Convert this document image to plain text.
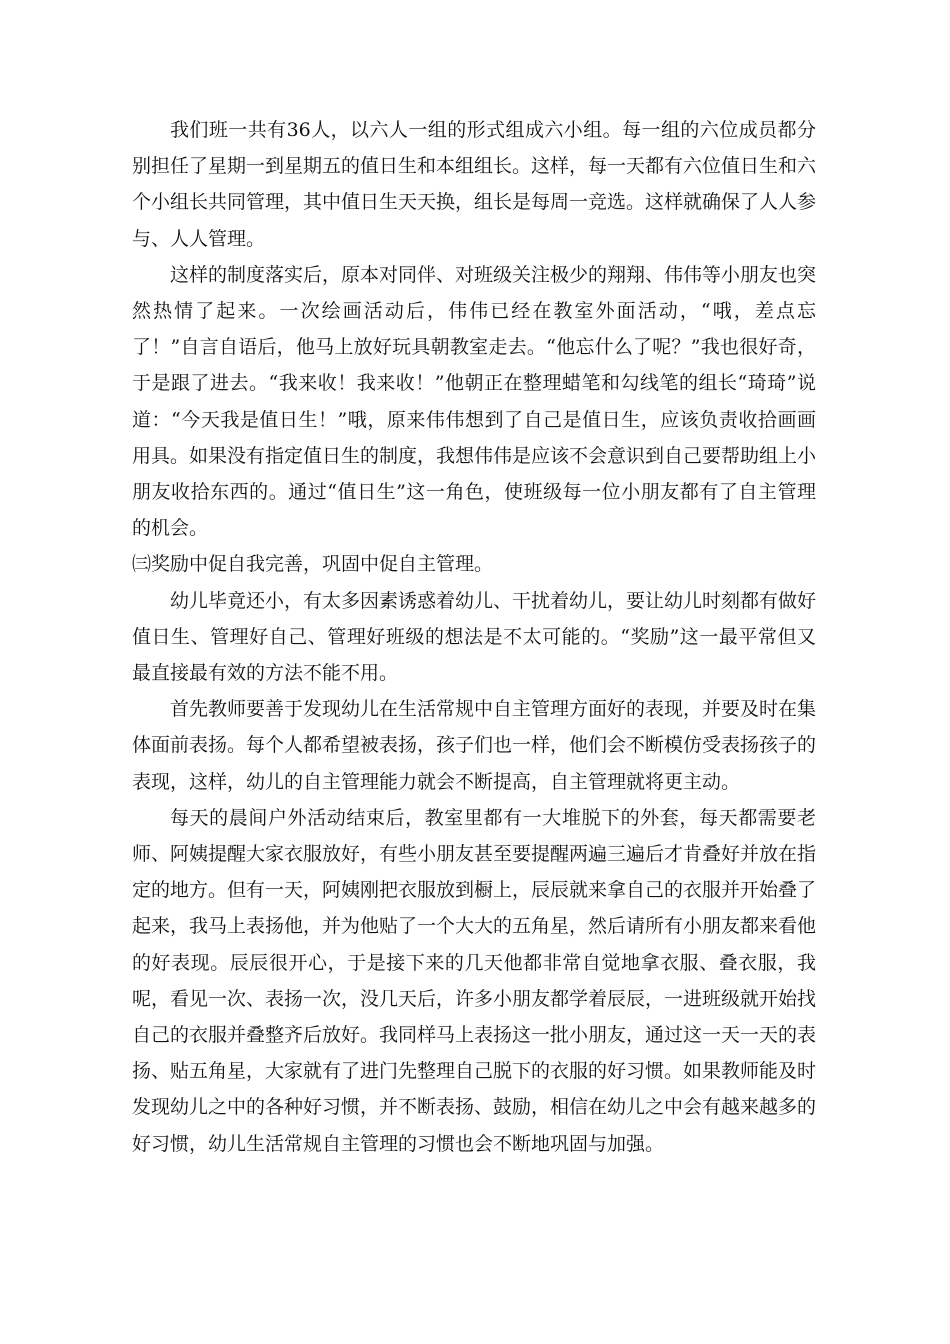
我们班一共有36人，以六人一组的形式组成六小组。每一组的六位成员都分别担任了星期一到星期五的值日生和本组组长。这样，每一天都有六位值日生和六个小组长共同管理，其中值日生天天换，组长是每周一竞选。这样就确保了人人参与、人人管理。

这样的制度落实后，原本对同伴、对班级关注极少的翔翔、伟伟等小朋友也突然热情了起来。一次绘画活动后，伟伟已经在教室外面活动，“哦，差点忘了！”自言自语后，他马上放好玩具朝教室走去。“他忘什么了呢？”我也很好奇，于是跟了进去。“我来收！我来收！”他朝正在整理蜡笔和勾线笔的组长“琦琦”说道：“今天我是值日生！”哦，原来伟伟想到了自己是值日生，应该负责收拾画画用具。如果没有指定值日生的制度，我想伟伟是应该不会意识到自己要帮助组上小朋友收拾东西的。通过“值日生”这一角色，使班级每一位小朋友都有了自主管理的机会。

㈢奖励中促自我完善，巩固中促自主管理。

幼儿毕竟还小，有太多因素诱惑着幼儿、干扰着幼儿，要让幼儿时刻都有做好值日生、管理好自己、管理好班级的想法是不太可能的。“奖励”这一最平常但又最直接最有效的方法不能不用。

首先教师要善于发现幼儿在生活常规中自主管理方面好的表现，并要及时在集体面前表扬。每个人都希望被表扬，孩子们也一样，他们会不断模仿受表扬孩子的表现，这样，幼儿的自主管理能力就会不断提高，自主管理就将更主动。

每天的晨间户外活动结束后，教室里都有一大堆脱下的外套，每天都需要老师、阿姨提醒大家衣服放好，有些小朋友甚至要提醒两遍三遍后才肯叠好并放在指定的地方。但有一天，阿姨刚把衣服放到橱上，辰辰就来拿自己的衣服并开始叠了起来，我马上表扬他，并为他贴了一个大大的五角星，然后请所有小朋友都来看他的好表现。辰辰很开心，于是接下来的几天他都非常自觉地拿衣服、叠衣服，我呢，看见一次、表扬一次，没几天后，许多小朋友都学着辰辰，一进班级就开始找自己的衣服并叠整齐后放好。我同样马上表扬这一批小朋友，通过这一天一天的表扬、贴五角星，大家就有了进门先整理自己脱下的衣服的好习惯。如果教师能及时发现幼儿之中的各种好习惯，并不断表扬、鼓励，相信在幼儿之中会有越来越多的好习惯，幼儿生活常规自主管理的习惯也会不断地巩固与加强。
